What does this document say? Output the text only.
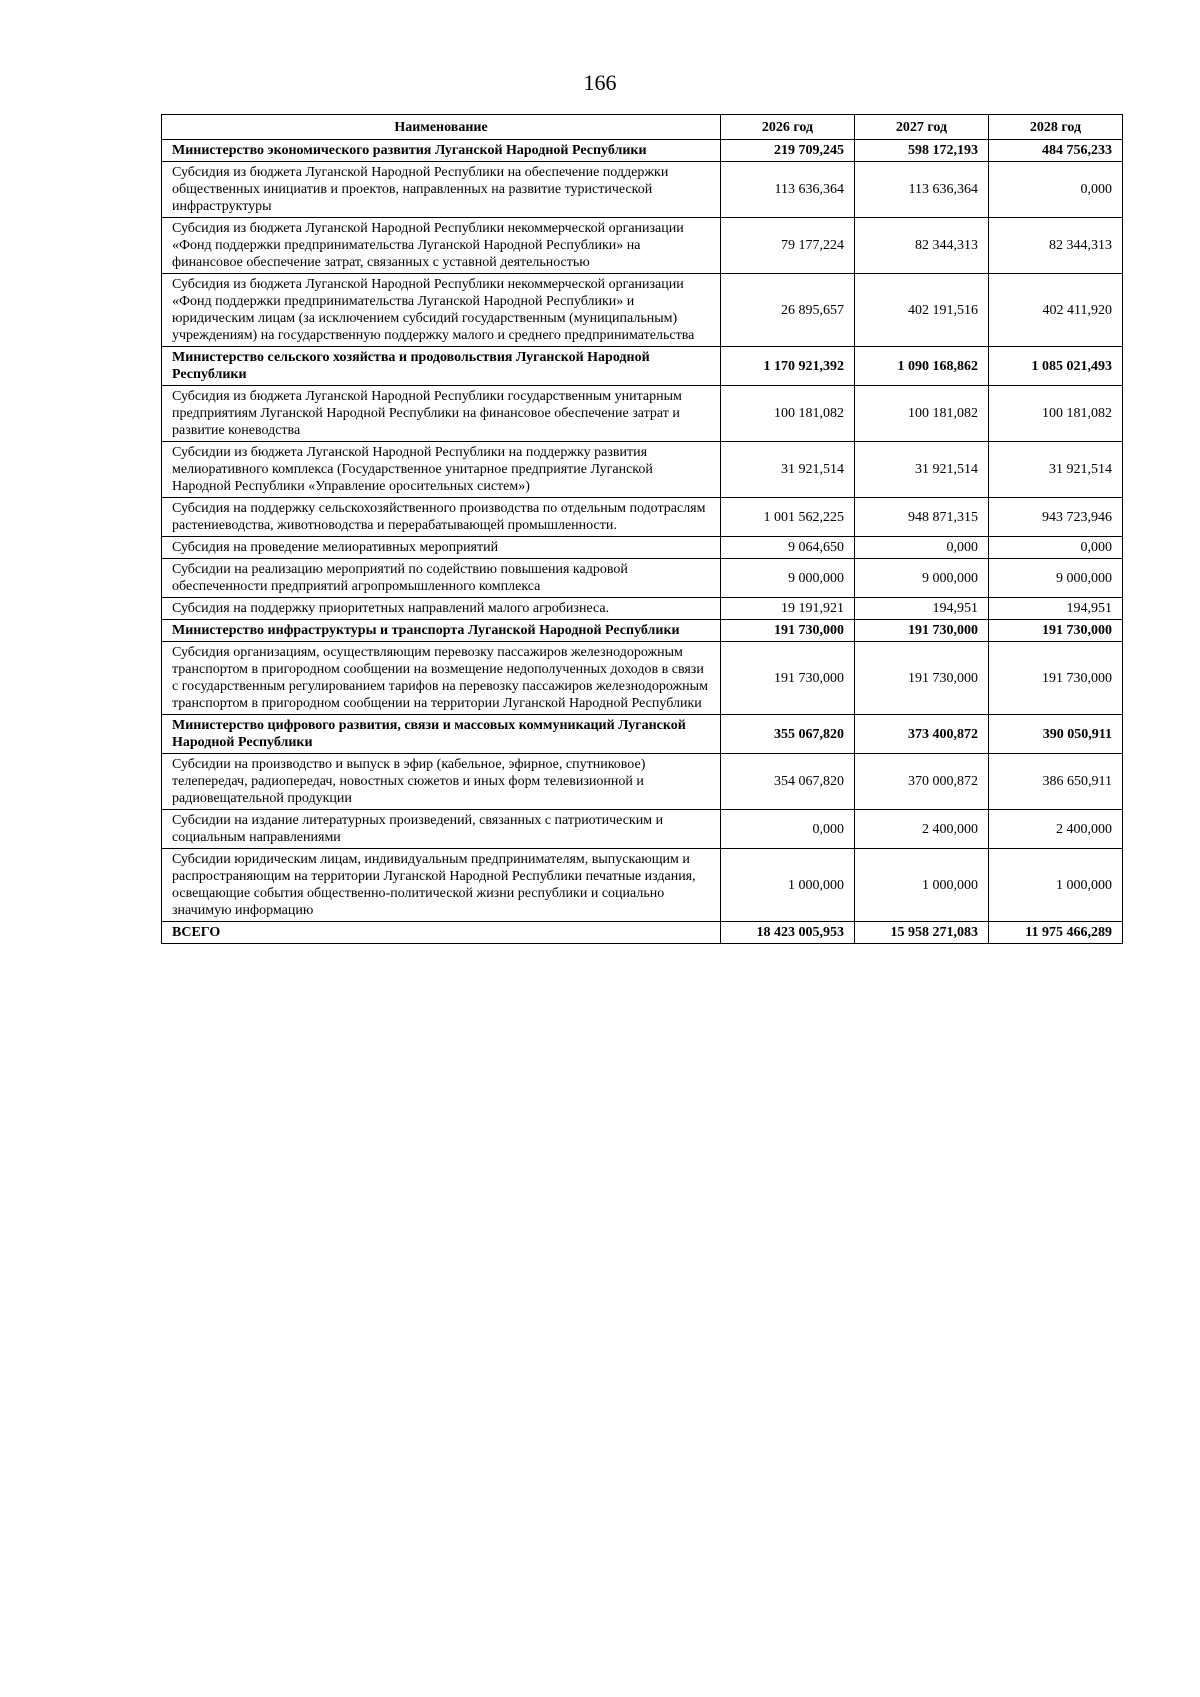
166
Наименование	2026 год	2027 год	2028 год
Министерство экономического развития Луганской Народной Республики	219 709,245	598 172,193	484 756,233
Субсидия из бюджета Луганской Народной Республики на обеспечение поддержки общественных инициатив и проектов, направленных на развитие туристической инфраструктуры	113 636,364	113 636,364	0,000
Субсидия из бюджета Луганской Народной Республики некоммерческой организации «Фонд поддержки предпринимательства Луганской Народной Республики» на финансовое обеспечение затрат, связанных с уставной деятельностью	79 177,224	82 344,313	82 344,313
Субсидия из бюджета Луганской Народной Республики некоммерческой организации «Фонд поддержки предпринимательства Луганской Народной Республики» и юридическим лицам (за исключением субсидий государственным (муниципальным) учреждениям) на государственную поддержку малого и среднего предпринимательства	26 895,657	402 191,516	402 411,920
Министерство сельского хозяйства и продовольствия Луганской Народной Республики	1 170 921,392	1 090 168,862	1 085 021,493
Субсидия из бюджета Луганской Народной Республики государственным унитарным предприятиям Луганской Народной Республики на финансовое обеспечение затрат и развитие коневодства	100 181,082	100 181,082	100 181,082
Субсидии из бюджета Луганской Народной Республики на поддержку развития мелиоративного комплекса (Государственное унитарное предприятие Луганской Народной Республики «Управление оросительных систем»)	31 921,514	31 921,514	31 921,514
Субсидия на поддержку сельскохозяйственного производства по отдельным подотраслям растениеводства, животноводства и перерабатывающей промышленности.	1 001 562,225	948 871,315	943 723,946
Субсидия на проведение мелиоративных мероприятий	9 064,650	0,000	0,000
Субсидии на реализацию мероприятий по содействию повышения кадровой обеспеченности предприятий агропромышленного комплекса	9 000,000	9 000,000	9 000,000
Субсидия на поддержку приоритетных направлений малого агробизнеса.	19 191,921	194,951	194,951
Министерство инфраструктуры и транспорта Луганской Народной Республики	191 730,000	191 730,000	191 730,000
Субсидия организациям, осуществляющим перевозку пассажиров железнодорожным транспортом в пригородном сообщении на возмещение недополученных доходов в связи с государственным регулированием тарифов на перевозку пассажиров железнодорожным транспортом в пригородном сообщении на территории Луганской Народной Республики	191 730,000	191 730,000	191 730,000
Министерство цифрового развития, связи и массовых коммуникаций Луганской Народной Республики	355 067,820	373 400,872	390 050,911
Субсидии на производство и выпуск в эфир (кабельное, эфирное, спутниковое) телепередач, радиопередач, новостных сюжетов и иных форм телевизионной и радиовещательной продукции	354 067,820	370 000,872	386 650,911
Субсидии на издание литературных произведений, связанных с патриотическим и социальным направлениями	0,000	2 400,000	2 400,000
Субсидии юридическим лицам, индивидуальным предпринимателям, выпускающим и распространяющим на территории Луганской Народной Республики печатные издания, освещающие события общественно-политической жизни республики и социально значимую информацию	1 000,000	1 000,000	1 000,000
ВСЕГО	18 423 005,953	15 958 271,083	11 975 466,289
